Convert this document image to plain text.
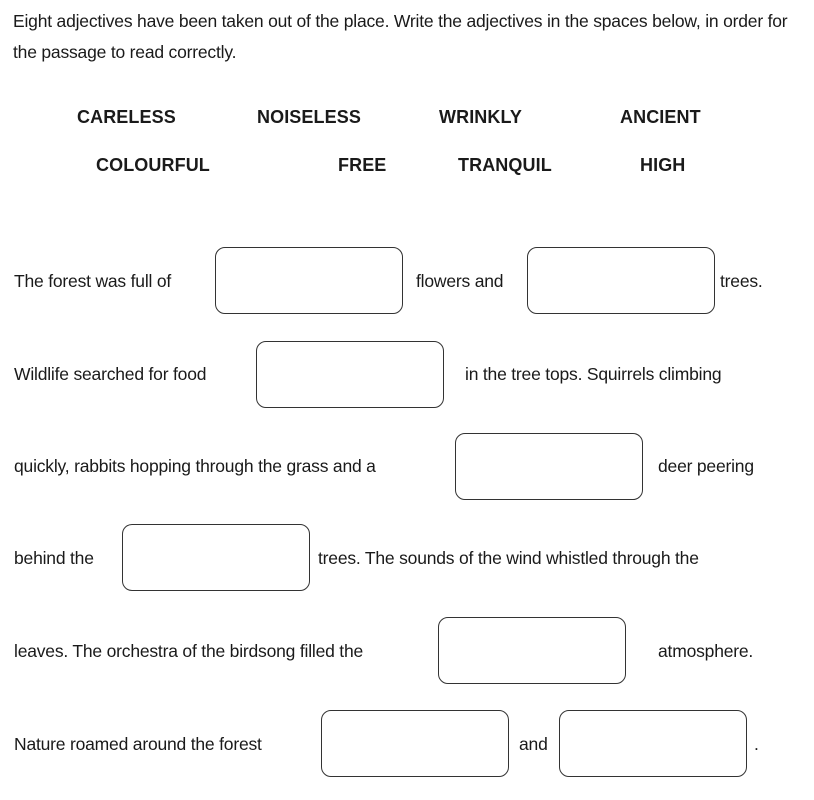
Eight adjectives have been taken out of the place. Write the adjectives in the spaces below, in order for the passage to read correctly.
CARELESS	NOISELESS	WRINKLY	ANCIENT
COLOURFUL	FREE	TRANQUIL	HIGH
The forest was full of	flowers and	trees.
Wildlife searched for food	in the tree tops. Squirrels climbing
quickly, rabbits hopping through the grass and a	deer peering
behind the	trees. The sounds of the wind whistled through the
leaves. The orchestra of the birdsong filled the	atmosphere.
Nature roamed around the forest	and	.
